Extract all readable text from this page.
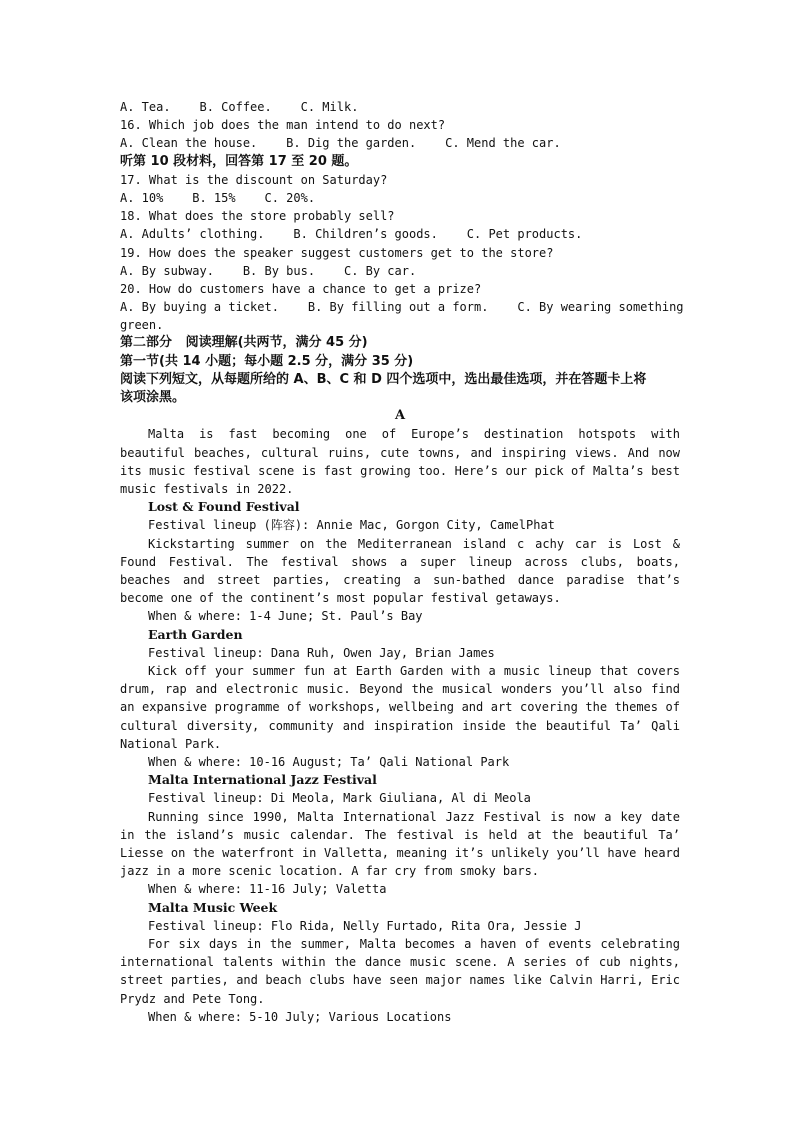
A. Tea.    B. Coffee.    C. Milk.
16. Which job does the man intend to do next?
A. Clean the house.    B. Dig the garden.    C. Mend the car.
听第 10 段材料，回答第 17 至 20 题。
17. What is the discount on Saturday?
A. 10%    B. 15%    C. 20%.
18. What does the store probably sell?
A. Adults’ clothing.    B. Children’s goods.    C. Pet products.
19. How does the speaker suggest customers get to the store?
A. By subway.    B. By bus.    C. By car.
20. How do customers have a chance to get a prize?
A. By buying a ticket.    B. By filling out a form.    C. By wearing something
green.
第二部分   阅读理解(共两节，满分 45 分)
第一节(共 14 小题；每小题 2.5 分，满分 35 分)
阅读下列短文，从每题所给的 A、B、C 和 D 四个选项中，选出最佳选项，并在答题卡上将
该项涂黑。
A

Malta is fast becoming one of Europe’s destination hotspots with beautiful beaches, cultural ruins, cute towns, and inspiring views. And now its music festival scene is fast growing too. Here’s our pick of Malta’s best music festivals in 2022.

Lost & Found Festival
Festival lineup (阵容): Annie Mac, Gorgon City, CamelPhat

Kickstarting summer on the Mediterranean island c achy car is Lost & Found Festival. The festival shows a super lineup across clubs, boats, beaches and street parties, creating a sun-bathed dance paradise that’s become one of the continent’s most popular festival getaways.

When & where: 1-4 June; St. Paul’s Bay
Earth Garden
Festival lineup: Dana Ruh, Owen Jay, Brian James

Kick off your summer fun at Earth Garden with a music lineup that covers drum, rap and electronic music. Beyond the musical wonders you’ll also find an expansive programme of workshops, wellbeing and art covering the themes of cultural diversity, community and inspiration inside the beautiful Ta’ Qali National Park.

When & where: 10-16 August; Ta’ Qali National Park
Malta International Jazz Festival
Festival lineup: Di Meola, Mark Giuliana, Al di Meola

Running since 1990, Malta International Jazz Festival is now a key date in the island’s music calendar. The festival is held at the beautiful Ta’ Liesse on the waterfront in Valletta, meaning it’s unlikely you’ll have heard jazz in a more scenic location. A far cry from smoky bars.

When & where: 11-16 July; Valetta
Malta Music Week
Festival lineup: Flo Rida, Nelly Furtado, Rita Ora, Jessie J

For six days in the summer, Malta becomes a haven of events celebrating international talents within the dance music scene. A series of cub nights, street parties, and beach clubs have seen major names like Calvin Harri, Eric Prydz and Pete Tong.

When & where: 5-10 July; Various Locations
